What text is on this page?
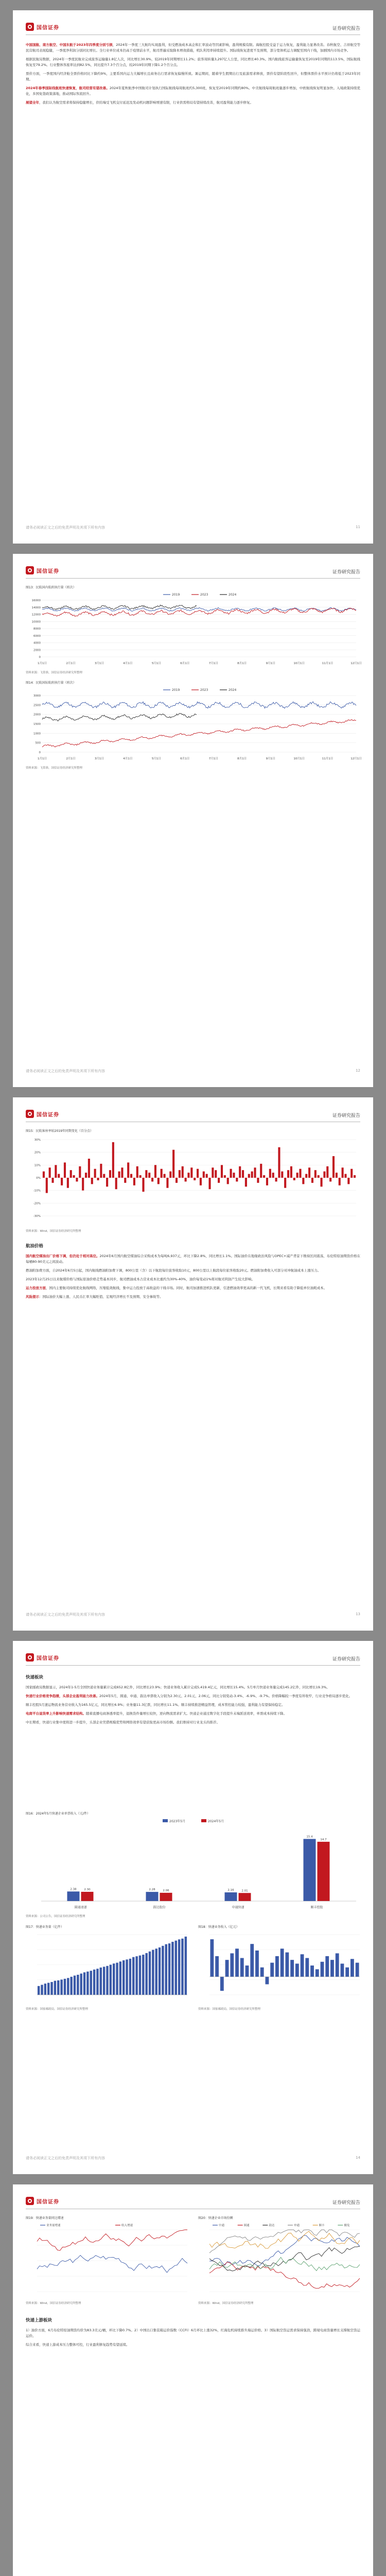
国信证券	证券研究报告

中国国航、南方航空、中国东航于2023年四季度分别亏损，2024年一季度三大航均实现盈利，但受燃油成本高企和汇率波动等因素影响，盈利规模有限。海航控股受益于运力恢复，盈利能力显著改善。春秋航空、吉祥航空等民营航司表现稳健，一季度净利润分别同比增长。全行业单位成本仍高于疫情前水平，航司普遍采取降本增效措施，机队利用率持续提升。国际线恢复进度不及预期，部分宽体机运力调配至国内干线，加剧国内市场竞争。

根据民航局数据，2024年一季度民航业完成旅客运输量1.8亿人次，同比增长30.9%，较2019年同期增长11.2%；旅客周转量3,297亿人公里，同比增长40.3%。国内航线旅客运输量恢复至2019年同期的113.5%，国际航线恢复至79.2%。行业整体客座率达到82.5%，同比提升7.3个百分点，较2019年同期下降1.2个百分点。

票价方面，一季度国内经济舱全票价格同比下降约9%，主要系国内运力大幅增长且商务出行需求恢复偏慢所致。暑运期间，随着学生假期出行及旅游需求释放，票价有望阶段性回升，但整体票价水平预计仍将低于2023年同期。

2024年春季国际线航班快速恢复，航司经营有望改善。2024年夏秋航季中国航司计划执行国际航线每周航班约5,300班，恢复至2019年同期约80%。中美航线每周航班量逐步增加，中欧航线恢复明显加快。入境政策持续优化，多国免签政策落地，推动国际客流回升。

展望全年，我们认为航空需求将保持稳健增长，供给端受飞机交付延迟及发动机问题影响增速有限，行业供需格局有望持续改善，航司盈利能力逐步修复。

请务必阅读正文之后的免责声明及其项下所有内容	11
国信证券	证券研究报告
图13：民航国内航班执行量（班次）
16000
14000
12000
10000
8000
6000
4000
2000
0
1月1日	2月1日	3月1日	4月1日	5月1日	6月1日	7月1日	8月1日	9月1日	10月1日	11月1日	12月1日
2019	2023	2024
资料来源：飞常准，国信证券经济研究所整理
图14：民航国际航班执行量（班次）
3000
2500
2000
1500
1000
500
0
1月1日	2月1日	3月1日	4月1日	5月1日	6月1日	7月1日	8月1日	9月1日	10月1日	11月1日	12月1日
2019	2023	2024
资料来源：飞常准，国信证券经济研究所整理
请务必阅读正文之后的免责声明及其项下所有内容	12
国信证券	证券研究报告
图15：民航客座率较2019年同期变化（百分点）
30%
20%
10%
0%
-10%
-20%
-30%
资料来源：Wind，国信证券经济研究所整理
航油价格

国内航空煤油出厂价格下调，但仍处于相对高位。2024年6月国内航空煤油综合采购成本为每吨6,937元，环比下降2.8%，同比增长1.1%。国际油价在地缘政治风险与OPEC+减产背景下维持区间震荡，布伦特原油期货价格在每桶80-90美元之间波动。

燃油附加费方面，自2024年6月5日起，国内航线燃油附加费下调，800公里（含）以下航段每位旅客收取10元，800公里以上航段每位旅客收取20元。燃油附加费收入可部分对冲航油成本上涨压力。

2023年12月25日以来航煤价格与国际原油价格走势基本同步，航司燃油成本占营业成本比重约为30%-40%，油价每变动1%将对航司利润产生较大影响。

运力投放方面，国内主要航司持续优化航线网络，压缩低效航线，集中运力投放于高收益的干线市场。同时，航司加速推进机队更新，引进燃油效率更高的新一代飞机，长期来看有助于降低单位油耗成本。

风险提示：国际油价大幅上涨、人民币汇率大幅贬值、宏观经济增长不及预期、安全事故等。

请务必阅读正文之后的免责声明及其项下所有内容	13
国信证券	证券研究报告
快递板块

国家邮政局数据显示，2024年1-5月全国快递业务量累计完成652.8亿件，同比增长23.9%；快递业务收入累计完成5,419.4亿元，同比增长15.4%。5月单月快递业务量完成145.2亿件，同比增长19.3%。

快递行业价格竞争趋缓，头部企业盈利能力改善。2024年5月，圆通、申通、韵达单票收入分别为2.30元、2.01元、2.06元，同比分别变动-3.4%、-6.9%、-9.7%。价格降幅较一季度有所收窄，行业竞争格局逐步优化。

顺丰控股5月速运物流业务营业收入为165.5亿元，同比增长6.9%；业务量11.3亿票，同比增长11.1%。顺丰持续推进精益管理，成本管控能力较强，盈利能力有望保持稳定。

电商平台退货率上升影响快递需求结构。随着直播电商渗透率提升，退换货件量增长较快，逆向物流需求扩大。快递企业通过数字化手段提升末端派送效率，单票成本持续下降。

中长期看，快递行业集中度将进一步提升，头部企业凭借规模优势和网络效率有望获取更高市场份额。我们维持对行业龙头的推荐。

图16：2024年5月快递企业单票收入（元/件）
2023年5月	2024年5月
圆通速递
2.38	2.30
韵达股份
2.28	2.06
申通快递
2.16	2.01
顺丰控股
15.4
14.7
资料来源：公司公告，国信证券经济研究所整理
图17：快递业务量（亿件）	图18：快递业务收入（亿元）
资料来源：国家邮政局，国信证券经济研究所整理	资料来源：国家邮政局，国信证券经济研究所整理
请务必阅读正文之后的免责声明及其项下所有内容	14
国信证券	证券研究报告
图19：快递业务量同比增速	图20：快递企业市场份额
业务量增速	收入增速	中通	圆通	韵达	申通	顺丰	极兔
资料来源：Wind，国信证券经济研究所整理	资料来源：Wind，国信证券经济研究所整理
快递上游板块

1）油价方面，6月布伦特原油期货均价为83.3美元/桶，环比下降0.7%。2）中国出口集装箱运价指数（CCFI）6月环比上涨32%，红海危机持续推升海运价格。3）国际航空货运需求保持强劲，跨境电商货量增长支撑航空货运运价。

综合来看，快递上游成本压力整体可控，行业盈利修复趋势有望延续。
